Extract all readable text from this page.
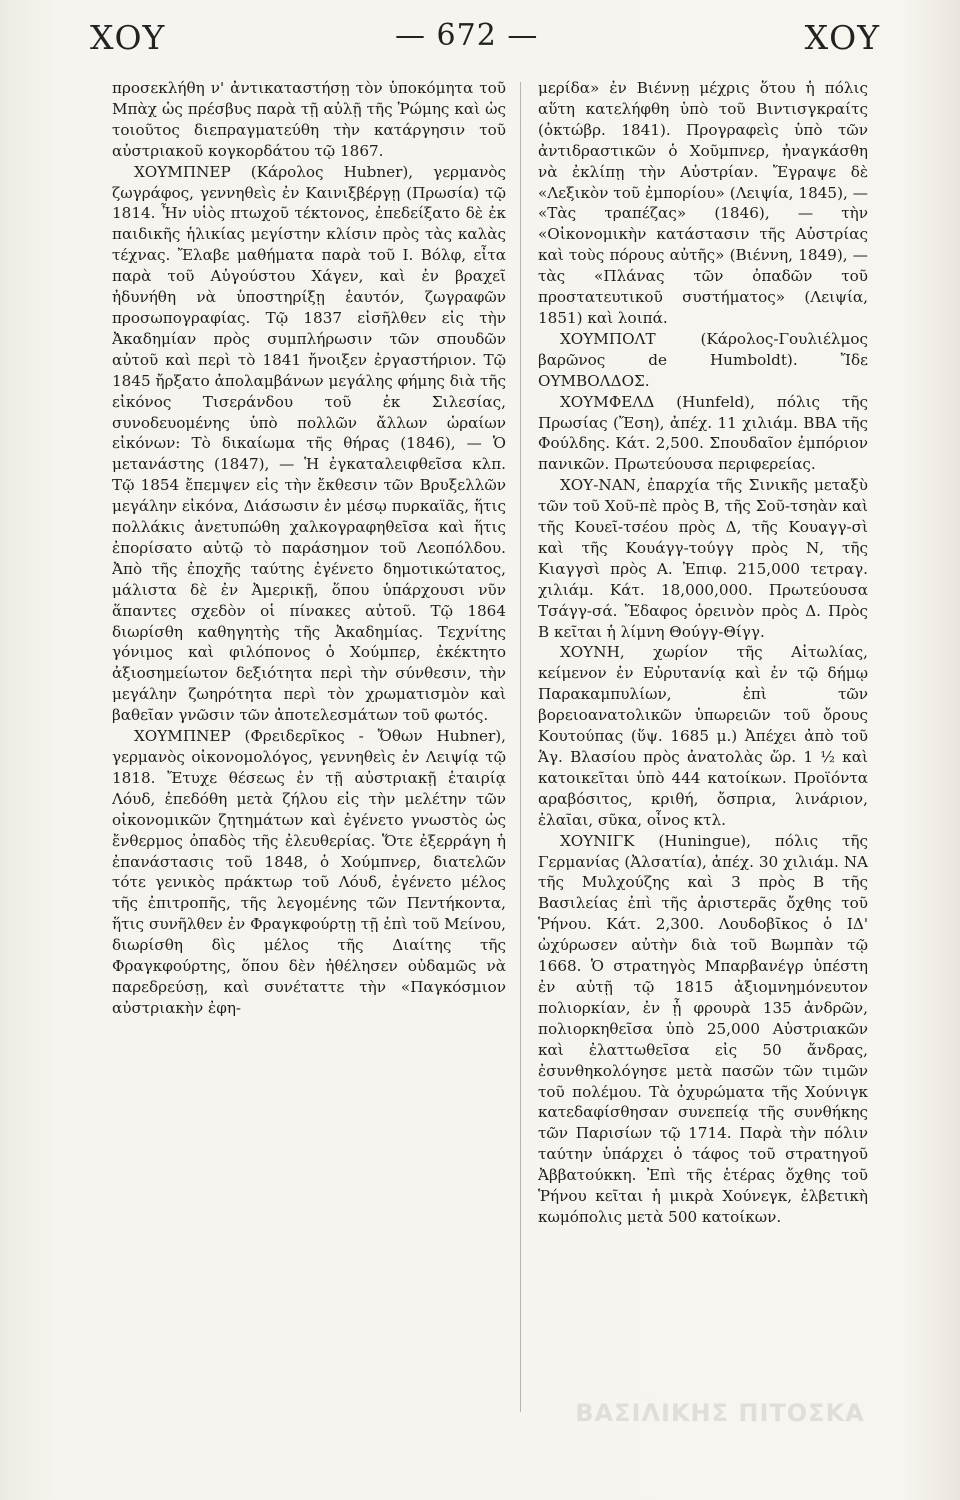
ΧΟΥ	— 672 —	ΧΟΥ

προσεκλήθη ν' ἀντικαταστήσῃ τὸν ὑποκόμητα τοῦ Μπὰχ ὡς πρέσβυς παρὰ τῇ αὐλῇ τῆς Ῥώμης καὶ ὡς τοιοῦτος διεπραγματεύθη τὴν κατάργησιν τοῦ αὐστριακοῦ κογκορδάτου τῷ 1867.

ΧΟΥΜΠΝΕΡ (Κάρολος Hubner), γερμανὸς ζωγράφος, γεννηθεὶς ἐν Καινιξβέργῃ (Πρωσία) τῷ 1814. Ἦν υἱὸς πτωχοῦ τέκτονος, ἐπεδείξατο δὲ ἐκ παιδικῆς ἡλικίας μεγίστην κλίσιν πρὸς τὰς καλὰς τέχνας. Ἔλαβε μαθήματα παρὰ τοῦ Ι. Βόλφ, εἶτα παρὰ τοῦ Αὐγούστου Χάγεν, καὶ ἐν βραχεῖ ἠδυνήθη νὰ ὑποστηρίξῃ ἑαυτόν, ζωγραφῶν προσωπογραφίας. Τῷ 1837 εἰσῆλθεν εἰς τὴν Ἀκαδημίαν πρὸς συμπλήρωσιν τῶν σπουδῶν αὐτοῦ καὶ περὶ τὸ 1841 ἤνοιξεν ἐργαστήριον. Τῷ 1845 ἤρξατο ἀπολαμβάνων μεγάλης φήμης διὰ τῆς εἰκόνος Τισεράνδου τοῦ ἐκ Σιλεσίας, συνοδευομένης ὑπὸ πολλῶν ἄλλων ὡραίων εἰκόνων: Τὸ δικαίωμα τῆς θήρας (1846), — Ὁ μετανάστης (1847), — Ἡ ἐγκαταλειφθεῖσα κλπ. Τῷ 1854 ἔπεμψεν εἰς τὴν ἔκθεσιν τῶν Βρυξελλῶν μεγάλην εἰκόνα, Διάσωσιν ἐν μέσῳ πυρκαϊᾶς, ἥτις πολλάκις ἀνετυπώθη χαλκογραφηθεῖσα καὶ ἥτις ἐπορίσατο αὐτῷ τὸ παράσημον τοῦ Λεοπόλδου. Ἀπὸ τῆς ἐποχῆς ταύτης ἐγένετο δημοτικώτατος, μάλιστα δὲ ἐν Ἀμερικῇ, ὅπου ὑπάρχουσι νῦν ἅπαντες σχεδὸν οἱ πίνακες αὐτοῦ. Τῷ 1864 διωρίσθη καθηγητὴς τῆς Ἀκαδημίας. Τεχνίτης γόνιμος καὶ φιλόπονος ὁ Χούμπερ, ἐκέκτητο ἀξιοσημείωτον δεξιότητα περὶ τὴν σύνθεσιν, τὴν μεγάλην ζωηρότητα περὶ τὸν χρωματισμὸν καὶ βαθεῖαν γνῶσιν τῶν ἀποτελεσμάτων τοῦ φωτός.

ΧΟΥΜΠΝΕΡ (Φρειδερῖκος - Ὄθων Hubner), γερμανὸς οἰκονομολόγος, γεννηθεὶς ἐν Λειψίᾳ τῷ 1818. Ἔτυχε θέσεως ἐν τῇ αὐστριακῇ ἑταιρίᾳ Λόυδ, ἐπεδόθη μετὰ ζήλου εἰς τὴν μελέτην τῶν οἰκονομικῶν ζητημάτων καὶ ἐγένετο γνωστὸς ὡς ἔνθερμος ὀπαδὸς τῆς ἐλευθερίας. Ὅτε ἐξερράγη ἡ ἐπανάστασις τοῦ 1848, ὁ Χούμπνερ, διατελῶν τότε γενικὸς πράκτωρ τοῦ Λόυδ, ἐγένετο μέλος τῆς ἐπιτροπῆς, τῆς λεγομένης τῶν Πεντήκοντα, ἥτις συνῆλθεν ἐν Φραγκφούρτῃ τῇ ἐπὶ τοῦ Μείνου, διωρίσθη δὶς μέλος τῆς Διαίτης τῆς Φραγκφούρτης, ὅπου δὲν ἠθέλησεν οὐδαμῶς νὰ παρεδρεύσῃ, καὶ συνέταττε τὴν «Παγκόσμιον αὐστριακὴν ἐφη-

μερίδα» ἐν Βιέννῃ μέχρις ὅτου ἡ πόλις αὕτη κατελήφθη ὑπὸ τοῦ Βιντισγκραίτς (ὀκτώβρ. 1841). Προγραφεὶς ὑπὸ τῶν ἀντιδραστικῶν ὁ Χοῦμπνερ, ἠναγκάσθη νὰ ἐκλίπῃ τὴν Αὐστρίαν. Ἔγραψε δὲ «Λεξικὸν τοῦ ἐμπορίου» (Λειψία, 1845), — «Τὰς τραπέζας» (1846), — τὴν «Οἰκονομικὴν κατάστασιν τῆς Αὐστρίας καὶ τοὺς πόρους αὐτῆς» (Βιέννη, 1849), — τὰς «Πλάνας τῶν ὀπαδῶν τοῦ προστατευτικοῦ συστήματος» (Λειψία, 1851) καὶ λοιπά.

ΧΟΥΜΠΟΛΤ (Κάρολος-Γουλιέλμος βαρῶνος de Humboldt). Ἴδε ΟΥΜΒΟΛΔΟΣ.

ΧΟΥΜΦΕΛΔ (Hunfeld), πόλις τῆς Πρωσίας (Ἔση), ἀπέχ. 11 χιλιάμ. ΒΒΑ τῆς Φούλδης. Κάτ. 2,500. Σπουδαῖον ἐμπόριον πανικῶν. Πρωτεύουσα περιφερείας.

ΧΟΥ-ΝΑΝ, ἐπαρχία τῆς Σινικῆς μεταξὺ τῶν τοῦ Χοῦ-πὲ πρὸς Β, τῆς Σοῦ-τσηὰν καὶ τῆς Κουεῖ-τσέου πρὸς Δ, τῆς Κουαγγ-σὶ καὶ τῆς Κουάγγ-τούγγ πρὸς Ν, τῆς Κιαγγσὶ πρὸς Α. Ἐπιφ. 215,000 τετραγ. χιλιάμ. Κάτ. 18,000,000. Πρωτεύουσα Τσάγγ-σά. Ἔδαφος ὀρεινὸν πρὸς Δ. Πρὸς Β κεῖται ἡ λίμνη Θούγγ-Θίγγ.

ΧΟΥΝΗ, χωρίον τῆς Αἰτωλίας, κείμενον ἐν Εὐρυτανίᾳ καὶ ἐν τῷ δήμῳ Παρακαμπυλίων, ἐπὶ τῶν βορειοανατολικῶν ὑπωρειῶν τοῦ ὄρους Κουτούπας (ὕψ. 1685 μ.) Ἀπέχει ἀπὸ τοῦ Ἁγ. Βλασίου πρὸς ἀνατολὰς ὥρ. 1 ½ καὶ κατοικεῖται ὑπὸ 444 κατοίκων. Προϊόντα αραβόσιτος, κριθή, ὄσπρια, λινάριον, ἐλαῖαι, σῦκα, οἶνος κτλ.

ΧΟΥΝΙΓΚ (Huningue), πόλις τῆς Γερμανίας (Ἀλσατία), ἀπέχ. 30 χιλιάμ. ΝΑ τῆς Μυλχούζης καὶ 3 πρὸς Β τῆς Βασιλείας ἐπὶ τῆς ἀριστερᾶς ὄχθης τοῦ Ῥήνου. Κάτ. 2,300. Λουδοβῖκος ὁ ΙΔ' ὠχύρωσεν αὐτὴν διὰ τοῦ Βωμπὰν τῷ 1668. Ὁ στρατηγὸς Μπαρβανέγρ ὑπέστη ἐν αὐτῇ τῷ 1815 ἀξιομνημόνευτον πολιορκίαν, ἐν ᾗ φρουρὰ 135 ἀνδρῶν, πολιορκηθεῖσα ὑπὸ 25,000 Αὐστριακῶν καὶ ἐλαττωθεῖσα εἰς 50 ἄνδρας, ἐσυνθηκολόγησε μετὰ πασῶν τῶν τιμῶν τοῦ πολέμου. Τὰ ὀχυρώματα τῆς Χούνιγκ κατεδαφίσθησαν συνεπείᾳ τῆς συνθήκης τῶν Παρισίων τῷ 1714. Παρὰ τὴν πόλιν ταύτην ὑπάρχει ὁ τάφος τοῦ στρατηγοῦ Ἀββατούκκη. Ἐπὶ τῆς ἑτέρας ὄχθης τοῦ Ῥήνου κεῖται ἡ μικρὰ Χούνεγκ, ἐλβετικὴ κωμόπολις μετὰ 500 κατοίκων.

ΒΑΣΙΛΙΚΗΣ ΠΙΤΟΣΚΑ
